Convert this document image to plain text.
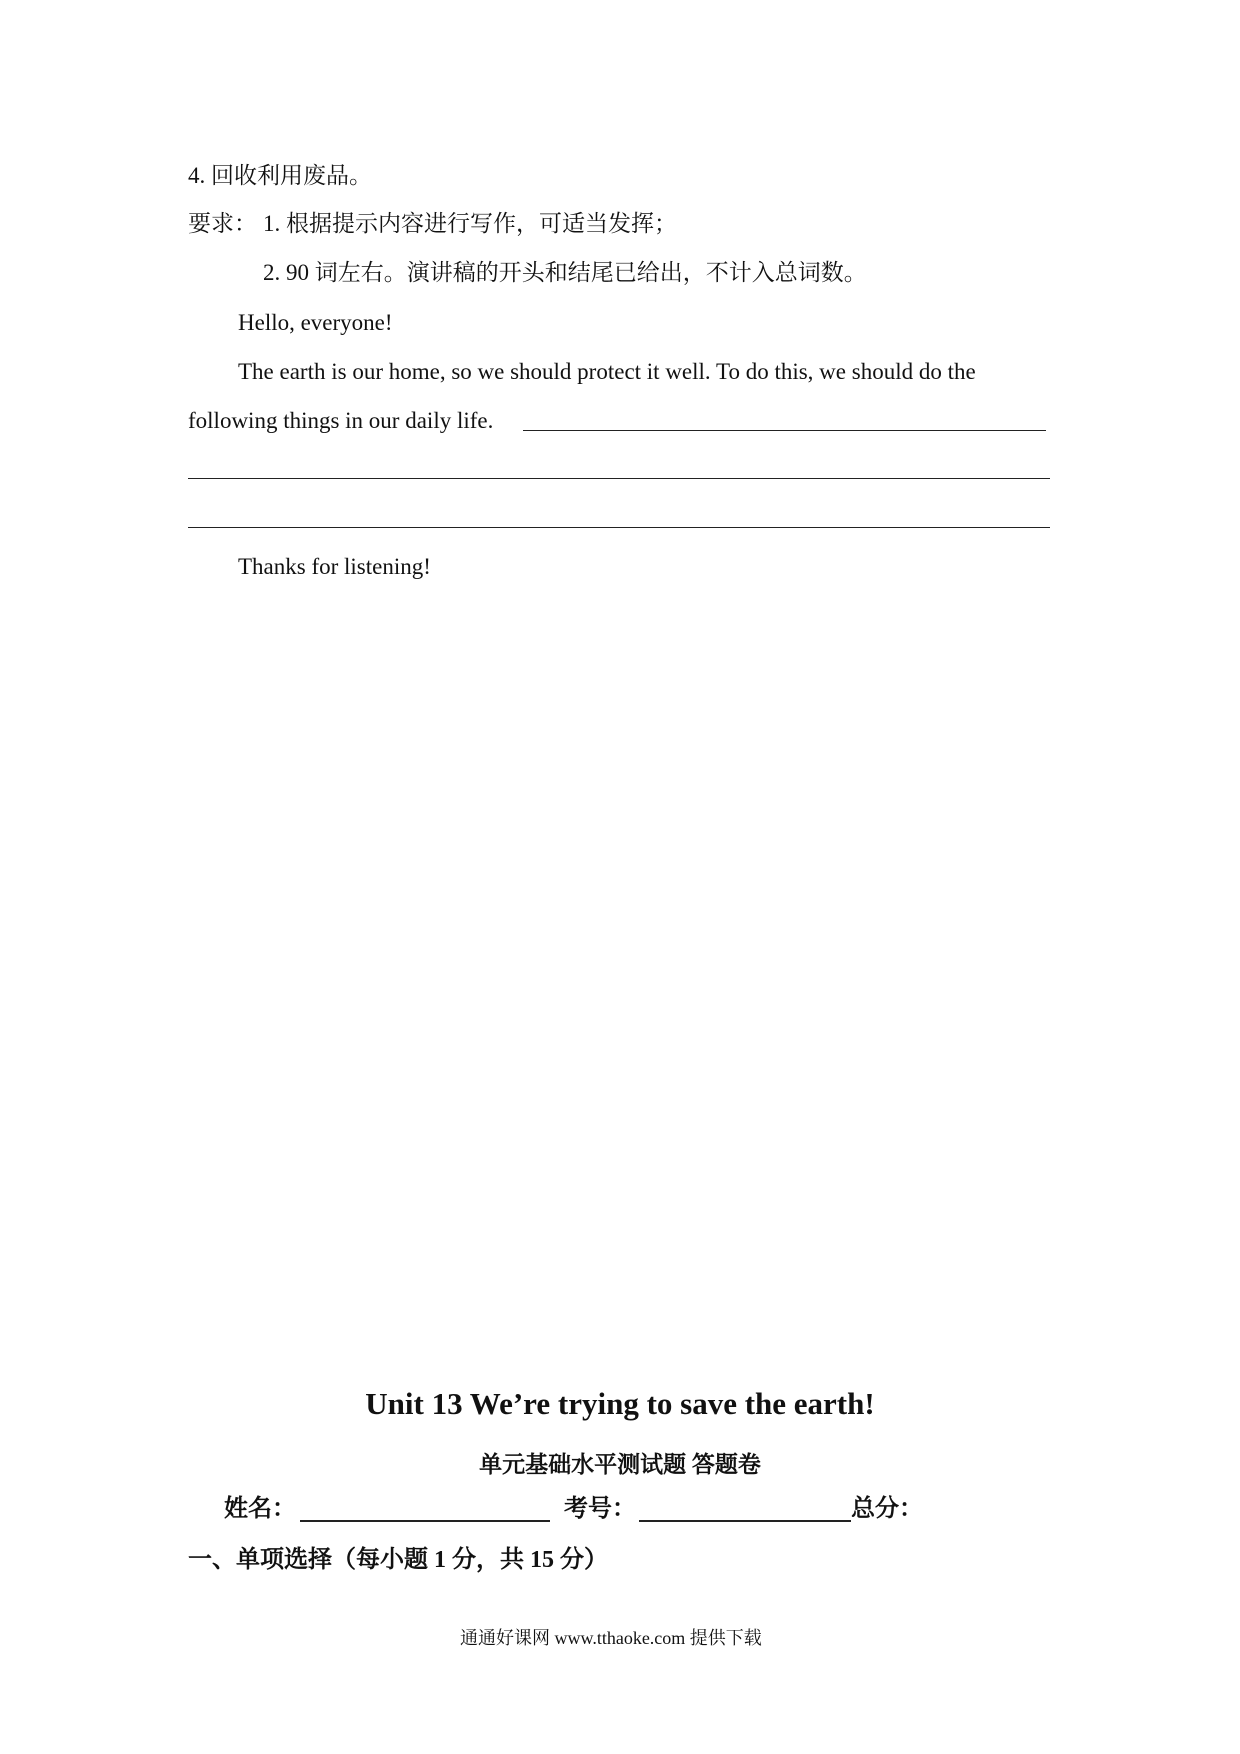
4. 回收利用废品。
要求： 1. 根据提示内容进行写作，可适当发挥；
2. 90 词左右。演讲稿的开头和结尾已给出，不计入总词数。
Hello, everyone!
The earth is our home, so we should protect it well. To do this, we should do the
following things in our daily life.
Thanks for listening!
Unit 13 We’re trying to save the earth!
单元基础水平测试题 答题卷
姓名：	考号：	总分：
一、单项选择（每小题 1 分，共 15 分）
通通好课网 www.tthaoke.com 提供下载
